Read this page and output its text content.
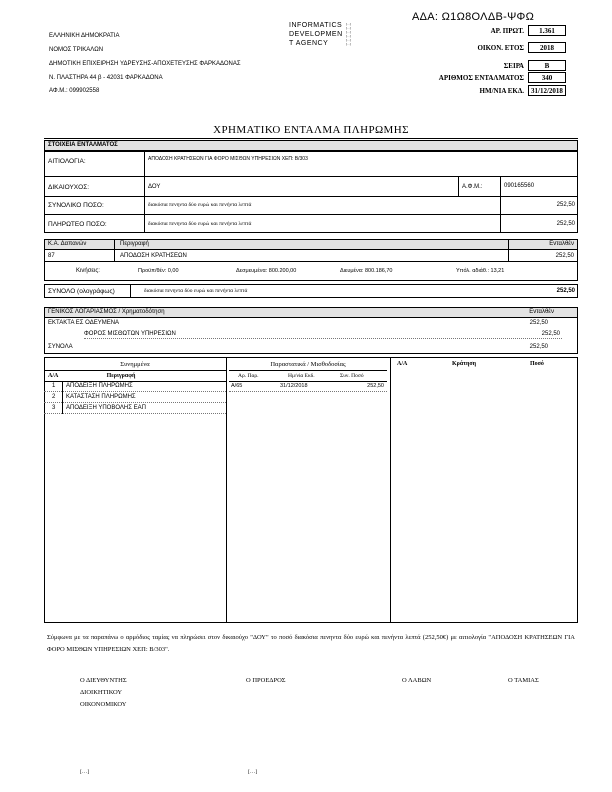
ΑΔΑ: Ω1Ω8ΟΛΔΒ-ΨΦΩ
INFORMATICS
DEVELOPMEN
T AGENCY
[…]
[…]
[…]
[…]
[…]
[…]
ΕΛΛΗΝΙΚΗ ΔΗΜΟΚΡΑΤΙΑ
ΝΟΜΟΣ ΤΡΙΚΑΛΩΝ
ΔΗΜΟΤΙΚΗ ΕΠΙΧΕΙΡΗΣΗ ΥΔΡΕΥΣΗΣ-ΑΠΟΧΕΤΕΥΣΗΣ ΦΑΡΚΑΔΟΝΑΣ
Ν. ΠΛΑΣΤΗΡΑ 44 β - 42031 ΦΑΡΚΑΔΟΝΑ
ΑΦ.Μ.: 099902558
ΑΡ. ΠΡΩΤ.	1.361
ΟΙΚΟΝ. ΕΤΟΣ	2018
ΣΕΙΡΑ	Β
ΑΡΙΘΜΟΣ ΕΝΤΑΛΜΑΤΟΣ	340
ΗΜ/ΝΙΑ ΕΚΔ.	31/12/2018
ΧΡΗΜΑΤΙΚΟ ΕΝΤΑΛΜΑ ΠΛΗΡΩΜΗΣ
ΣΤΟΙΧΕΙΑ ΕΝΤΑΛΜΑΤΟΣ
ΑΙΤΙΟΛΟΓΙΑ:	ΑΠΟΔΟΣΗ ΚΡΑΤΗΣΕΩΝ ΓΙΑ ΦΟΡΟ ΜΙΣΘΩΝ ΥΠΗΡΕΣΙΩΝ ΧΕΠ: Β/303
ΔΙΚΑΙΟΥΧΟΣ:	ΔΟΥ	Α.Φ.Μ.:	090165560
ΣΥΝΟΛΙΚΟ ΠΟΣΟ:	διακόσια πενηντα δύο ευρώ και πενήντα λεπτά	252,50
ΠΛΗΡΩΤΕΟ ΠΟΣΟ:	διακόσια πενηντα δύο ευρώ και πενήντα λεπτά	252,50
Κ.Α. Δαπανών	Περιγραφή	Ενταλθέν
87	ΑΠΟΔΟΣΗ ΚΡΑΤΗΣΕΩΝ	252,50
Κινήσεις:	Προϋπ/θέν: 0,00	Δεσμευμένα: 800.200,00	Διευμένα: 800.186,70	Υπόλ. αδιάθ.: 13,21
ΣΥΝΟΛΟ (ολογράφως)	διακόσια πενηντα δύο ευρώ και πενήντα λεπτά	252,50
ΓΕΝΙΚΟΣ ΛΟΓΑΡΙΑΣΜΟΣ / Χρηματοδότηση	Ενταλθέν
ΕΚΤΑΚΤΑ ΕΣ ΟΔΕΥΜΕΝΑ	252,50
ΦΟΡΟΣ ΜΙΣΘΩΤΩΝ ΥΠΗΡΕΣΙΩΝ	252,50
ΣΥΝΟΛΑ	252,50
Συνημμένα
Α/Α	Περιγραφή
1 ΑΠΟΔΕΙΞΗ ΠΛΗΡΩΜΗΣ
2 ΚΑΤΑΣΤΑΣΗ ΠΛΗΡΩΜΗΣ
3 ΑΠΟΔΕΙΞΗ ΥΠΟΒΟΛΗΣ ΕΑΠ
Παραστατικά / Μισθοδοσίας
Αρ. Παρ.	Ημ/νία Εκδ.	Συν. Ποσό
Α/65	31/12/2018	252,50
Α/Α	Κράτηση	Ποσό
Σύμφωνα με τα παραπάνω ο αρμόδιος ταμίας να πληρώσει στον δικαιούχο "ΔΟΥ" το ποσό διακόσια πενηντα δύο ευρώ και πενήντα λεπτά (252,50€) με αιτιολογία "ΑΠΟΔΟΣΗ ΚΡΑΤΗΣΕΩΝ ΓΙΑ ΦΟΡΟ ΜΙΣΘΩΝ ΥΠΗΡΕΣΙΩΝ ΧΕΠ: Β/303".
Ο ΔΙΕΥΘΥΝΤΗΣ
ΔΙΟΙΚΗΤΙΚΟΥ
ΟΙΚΟΝΟΜΙΚΟΥ
Ο ΠΡΟΕΔΡΟΣ	Ο ΛΑΒΩΝ	Ο ΤΑΜΙΑΣ
[…]	[…]
